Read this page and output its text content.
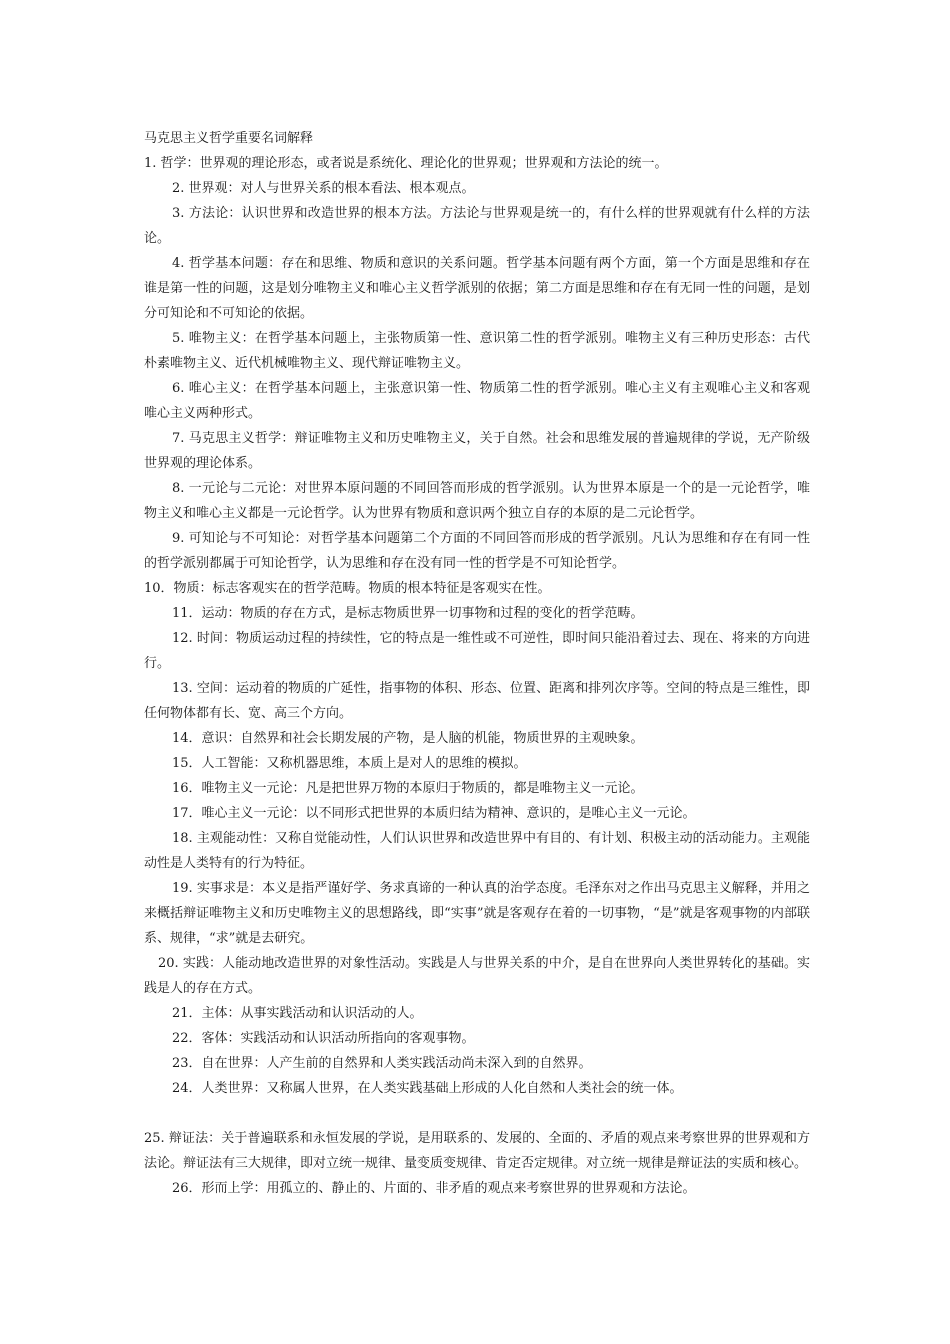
马克思主义哲学重要名词解释

1. 哲学：世界观的理论形态，或者说是系统化、理论化的世界观；世界观和方法论的统一。

2. 世界观：对人与世界关系的根本看法、根本观点。

3. 方法论：认识世界和改造世界的根本方法。方法论与世界观是统一的，有什么样的世界观就有什么样的方法论。

4. 哲学基本问题：存在和思维、物质和意识的关系问题。哲学基本问题有两个方面，第一个方面是思维和存在谁是第一性的问题，这是划分唯物主义和唯心主义哲学派别的依据；第二方面是思维和存在有无同一性的问题，是划分可知论和不可知论的依据。

5. 唯物主义：在哲学基本问题上，主张物质第一性、意识第二性的哲学派别。唯物主义有三种历史形态：古代朴素唯物主义、近代机械唯物主义、现代辩证唯物主义。

6. 唯心主义：在哲学基本问题上，主张意识第一性、物质第二性的哲学派别。唯心主义有主观唯心主义和客观唯心主义两种形式。

7. 马克思主义哲学：辩证唯物主义和历史唯物主义，关于自然。社会和思维发展的普遍规律的学说，无产阶级世界观的理论体系。

8. 一元论与二元论：对世界本原问题的不同回答而形成的哲学派别。认为世界本原是一个的是一元论哲学，唯物主义和唯心主义都是一元论哲学。认为世界有物质和意识两个独立自存的本原的是二元论哲学。

9. 可知论与不可知论：对哲学基本问题第二个方面的不同回答而形成的哲学派别。凡认为思维和存在有同一性的哲学派别都属于可知论哲学，认为思维和存在没有同一性的哲学是不可知论哲学。

10．物质：标志客观实在的哲学范畴。物质的根本特征是客观实在性。

11．运动：物质的存在方式，是标志物质世界一切事物和过程的变化的哲学范畴。

12. 时间：物质运动过程的持续性，它的特点是一维性或不可逆性，即时间只能沿着过去、现在、将来的方向进行。

13. 空间：运动着的物质的广延性，指事物的体积、形态、位置、距离和排列次序等。空间的特点是三维性，即任何物体都有长、宽、高三个方向。

14．意识：自然界和社会长期发展的产物，是人脑的机能，物质世界的主观映象。

15．人工智能：又称机器思维，本质上是对人的思维的模拟。

16．唯物主义一元论：凡是把世界万物的本原归于物质的，都是唯物主义一元论。

17．唯心主义一元论：以不同形式把世界的本质归结为精神、意识的，是唯心主义一元论。

18. 主观能动性：又称自觉能动性，人们认识世界和改造世界中有目的、有计划、积极主动的活动能力。主观能动性是人类特有的行为特征。

19. 实事求是：本义是指严谨好学、务求真谛的一种认真的治学态度。毛泽东对之作出马克思主义解释，并用之来概括辩证唯物主义和历史唯物主义的思想路线，即“实事”就是客观存在着的一切事物，“是”就是客观事物的内部联系、规律，“求”就是去研究。

20. 实践：人能动地改造世界的对象性活动。实践是人与世界关系的中介，是自在世界向人类世界转化的基础。实践是人的存在方式。

21．主体：从事实践活动和认识活动的人。

22．客体：实践活动和认识活动所指向的客观事物。

23．自在世界：人产生前的自然界和人类实践活动尚未深入到的自然界。

24．人类世界：又称属人世界，在人类实践基础上形成的人化自然和人类社会的统一体。

25. 辩证法：关于普遍联系和永恒发展的学说，是用联系的、发展的、全面的、矛盾的观点来考察世界的世界观和方法论。辩证法有三大规律，即对立统一规律、量变质变规律、肯定否定规律。对立统一规律是辩证法的实质和核心。

26．形而上学：用孤立的、静止的、片面的、非矛盾的观点来考察世界的世界观和方法论。
